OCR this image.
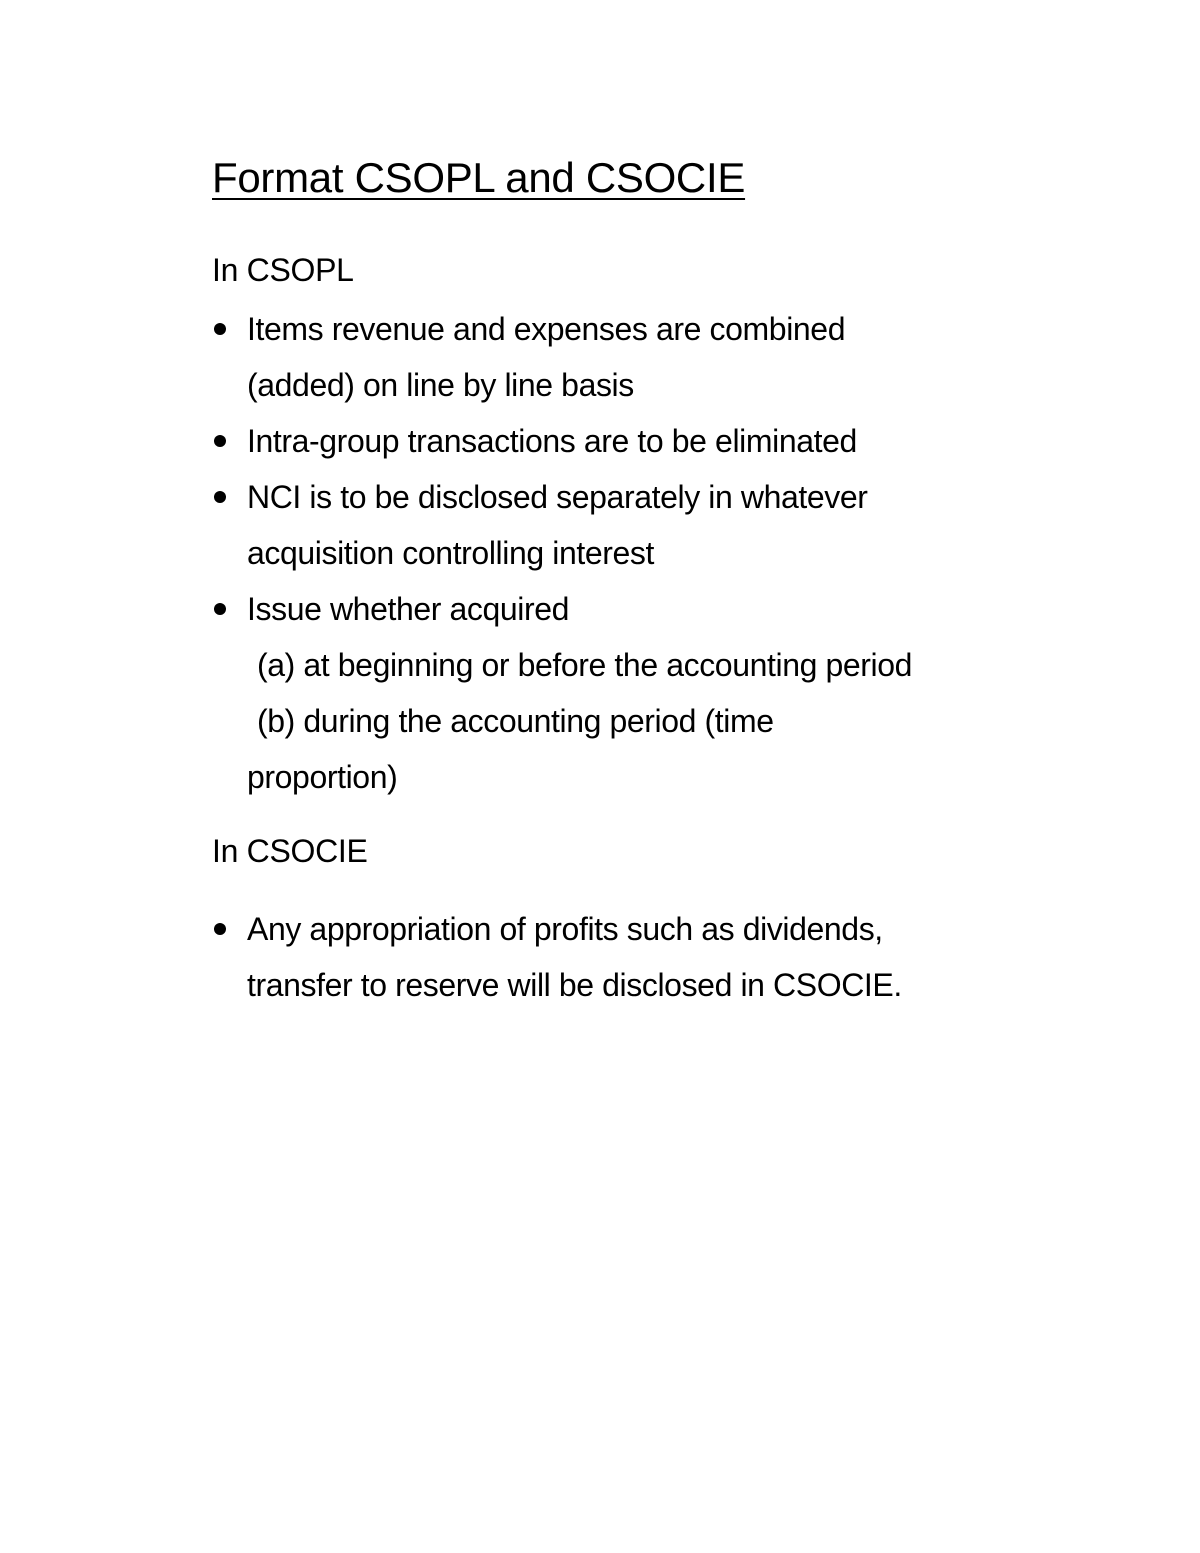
Format CSOPL and CSOCIE
In CSOPL
Items revenue and expenses are combined
(added) on line by line basis
Intra-group transactions are to be eliminated
NCI is to be disclosed separately in whatever
acquisition controlling interest
Issue whether acquired
(a) at beginning or before the accounting period
(b) during the accounting period (time
proportion)
In CSOCIE
Any appropriation of profits such as dividends,
transfer to reserve will be disclosed in CSOCIE.
